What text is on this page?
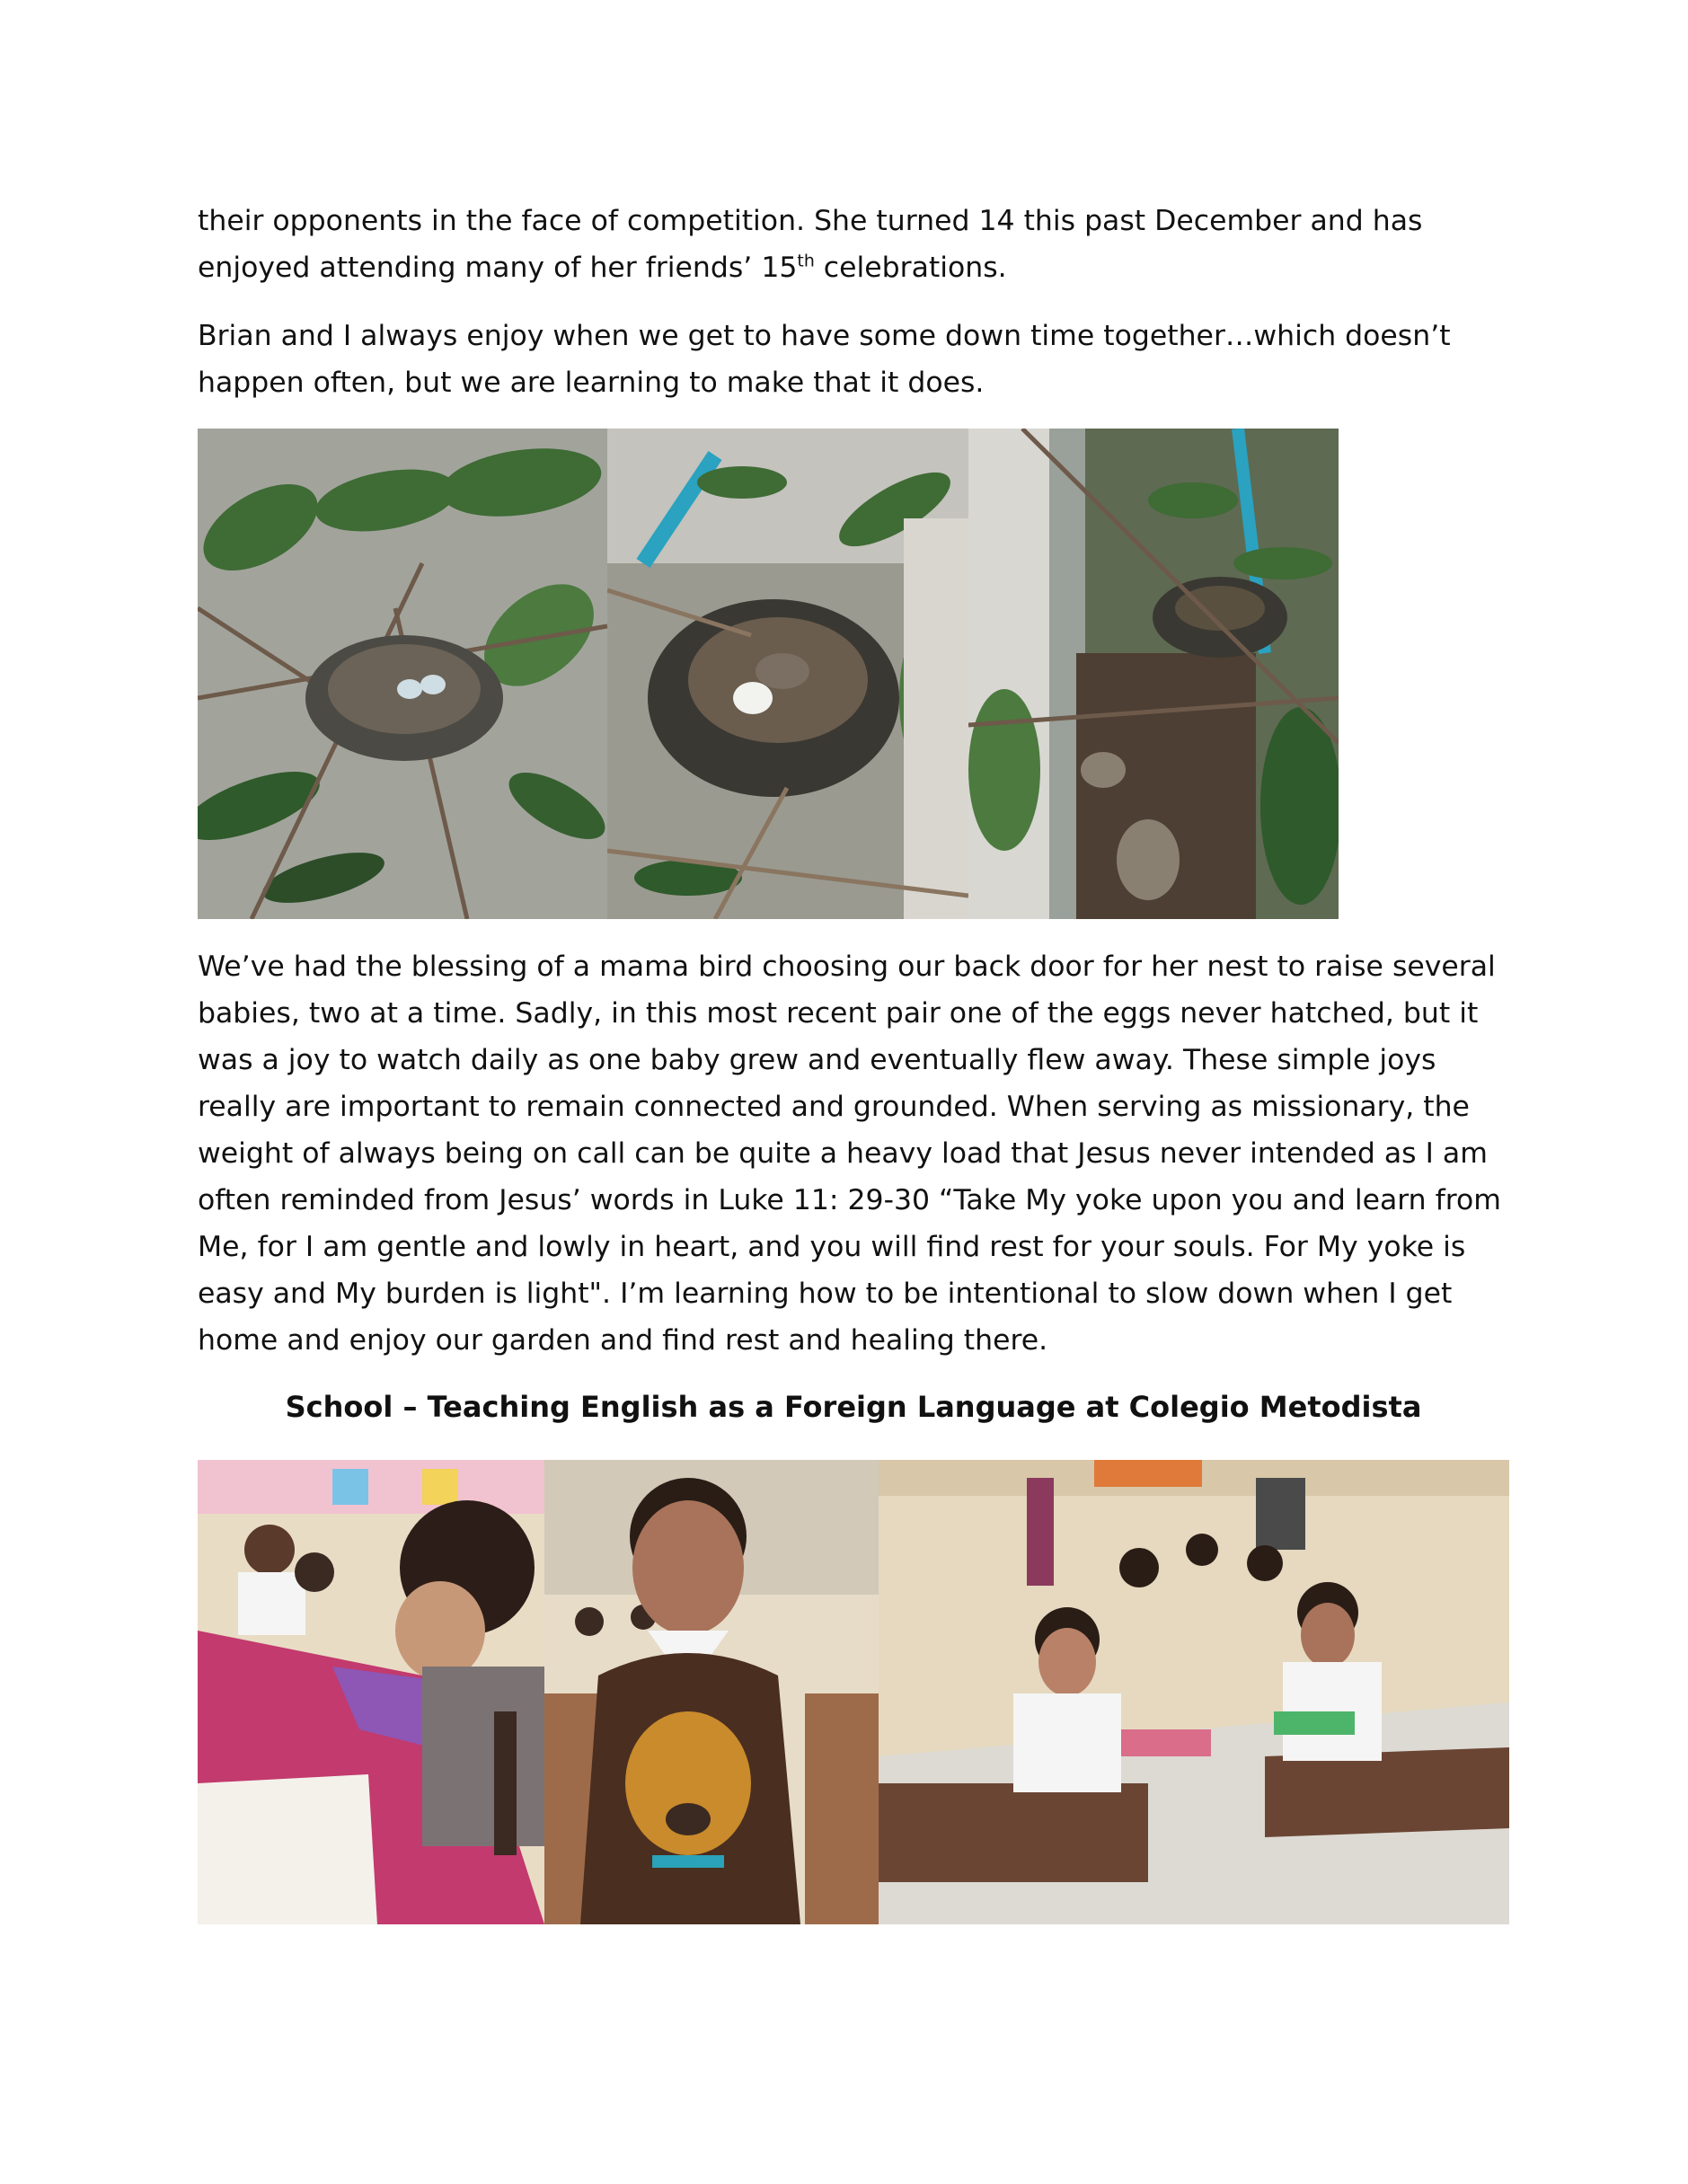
their opponents in the face of competition. She turned 14 this past December and has
enjoyed attending many of her friends’ 15th celebrations.

Brian and I always enjoy when we get to have some down time together…which doesn’t
happen often, but we are learning to make that it does.

We’ve had the blessing of a mama bird choosing our back door for her nest to raise several
babies, two at a time. Sadly, in this most recent pair one of the eggs never hatched, but it
was a joy to watch daily as one baby grew and eventually flew away. These simple joys
really are important to remain connected and grounded. When serving as missionary, the
weight of always being on call can be quite a heavy load that Jesus never intended as I am
often reminded from Jesus’ words in Luke 11: 29-30 “Take My yoke upon you and learn from
Me, for I am gentle and lowly in heart, and you will find rest for your souls. For My yoke is
easy and My burden is light". I’m learning how to be intentional to slow down when I get
home and enjoy our garden and find rest and healing there.

School – Teaching English as a Foreign Language at Colegio Metodista
